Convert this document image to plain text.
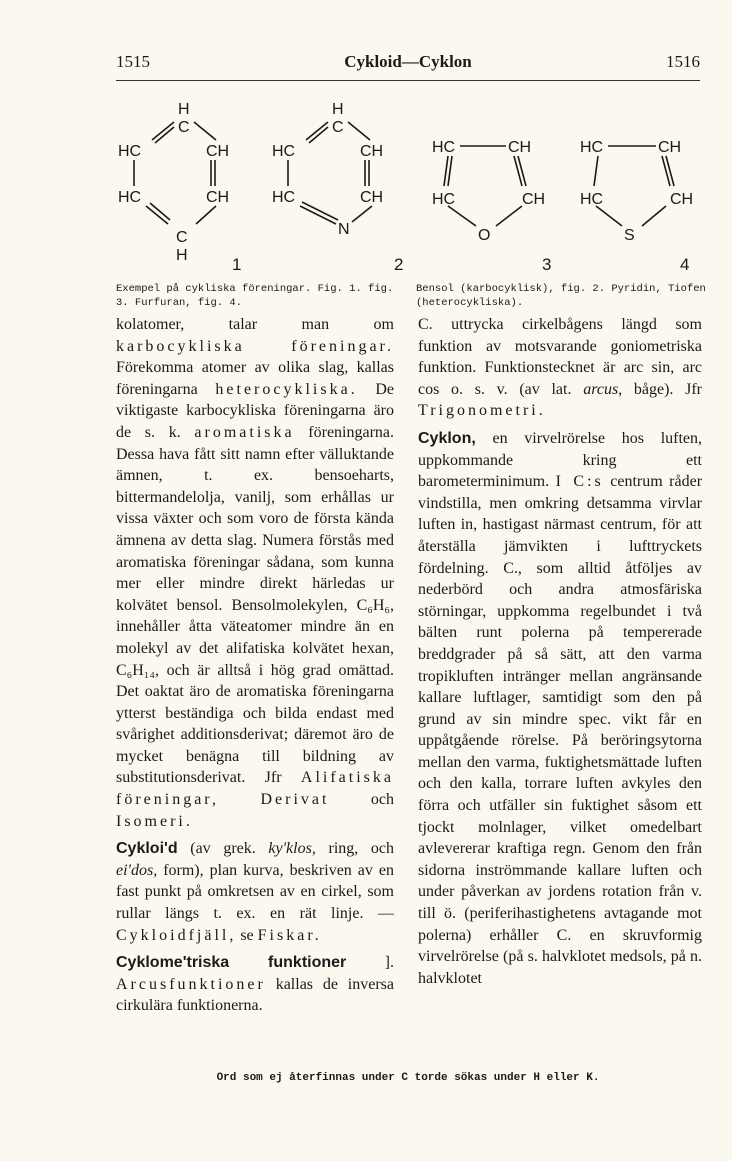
1515	Cykloid—Cyklon	1516
H
C
HC	CH
HC	CH
C
H
H
C
HC	CH
HC	CH
N
HC	CH
HC	CH
O
HC	CH
HC	CH
S
1	2	3	4
Exempel på cykliska föreningar. Fig. 1. fig. 3. Furfuran, fig. 4.
Bensol (karbocyklisk), fig. 2. Pyridin, Tiofen (heterocykliska).

kolatomer, talar man om karbocykliska föreningar. Förekomma atomer av olika slag, kallas föreningarna heterocykliska. De viktigaste karbocykliska föreningarna äro de s. k. aromatiska föreningarna. Dessa hava fått sitt namn efter välluktande ämnen, t. ex. bensoeharts, bittermandelolja, vanilj, som erhållas ur vissa växter och som voro de första kända ämnena av detta slag. Numera förstås med aromatiska föreningar sådana, som kunna mer eller mindre direkt härledas ur kolvätet bensol. Bensolmolekylen, C₆H₆, innehåller åtta väteatomer mindre än en molekyl av det alifatiska kolvätet hexan, C₆H₁₄, och är alltså i hög grad omättad. Det oaktat äro de aromatiska föreningarna ytterst beständiga och bilda endast med svårighet additionsderivat; däremot äro de mycket benägna till bildning av substitutionsderivat. Jfr Alifatiska föreningar,	Derivat	och Isomeri.

Cykloi'd (av grek. ky'klos, ring, och ei'dos, form), plan kurva, beskriven av en fast punkt på omkretsen av en cirkel, som rullar längs t. ex. en rät linje. — Cykloidfjäll, se Fiskar.

Cyklome'triska funktioner ]. Arcusfunktioner kallas de inversa cirkulära funktionerna.

C. uttrycka cirkelbågens längd som funktion av motsvarande goniometriska funktion. Funktionstecknet är arc sin, arc cos o. s. v. (av lat. arcus, båge). Jfr Trigonometri.

Cyklon, en virvelrörelse hos luften, uppkommande kring ett barometerminimum. I C:s centrum råder vindstilla, men omkring detsamma virvlar luften in, hastigast närmast centrum, för att återställa jämvikten i lufttryckets fördelning. C., som alltid åtföljes av nederbörd och andra atmosfäriska störningar, uppkomma regelbundet i två bälten runt polerna på tempererade breddgrader på så sätt, att den varma tropikluften intränger mellan angränsande kallare luftlager, samtidigt som den på grund av sin mindre spec. vikt får en uppåtgående rörelse. På beröringsytorna mellan den varma, fuktighetsmättade luften och den kalla, torrare luften avkyles den förra och utfäller sin fuktighet såsom ett tjockt molnlager, vilket omedelbart avlevererar kraftiga regn. Genom den från sidorna inströmmande kallare luften och under påverkan av jordens rotation från v. till ö. (periferihastighetens avtagande mot polerna) erhåller C. en skruvformig virvelrörelse (på s. halvklotet medsols, på n. halvklotet

Ord som ej återfinnas under C torde sökas under H eller K.
